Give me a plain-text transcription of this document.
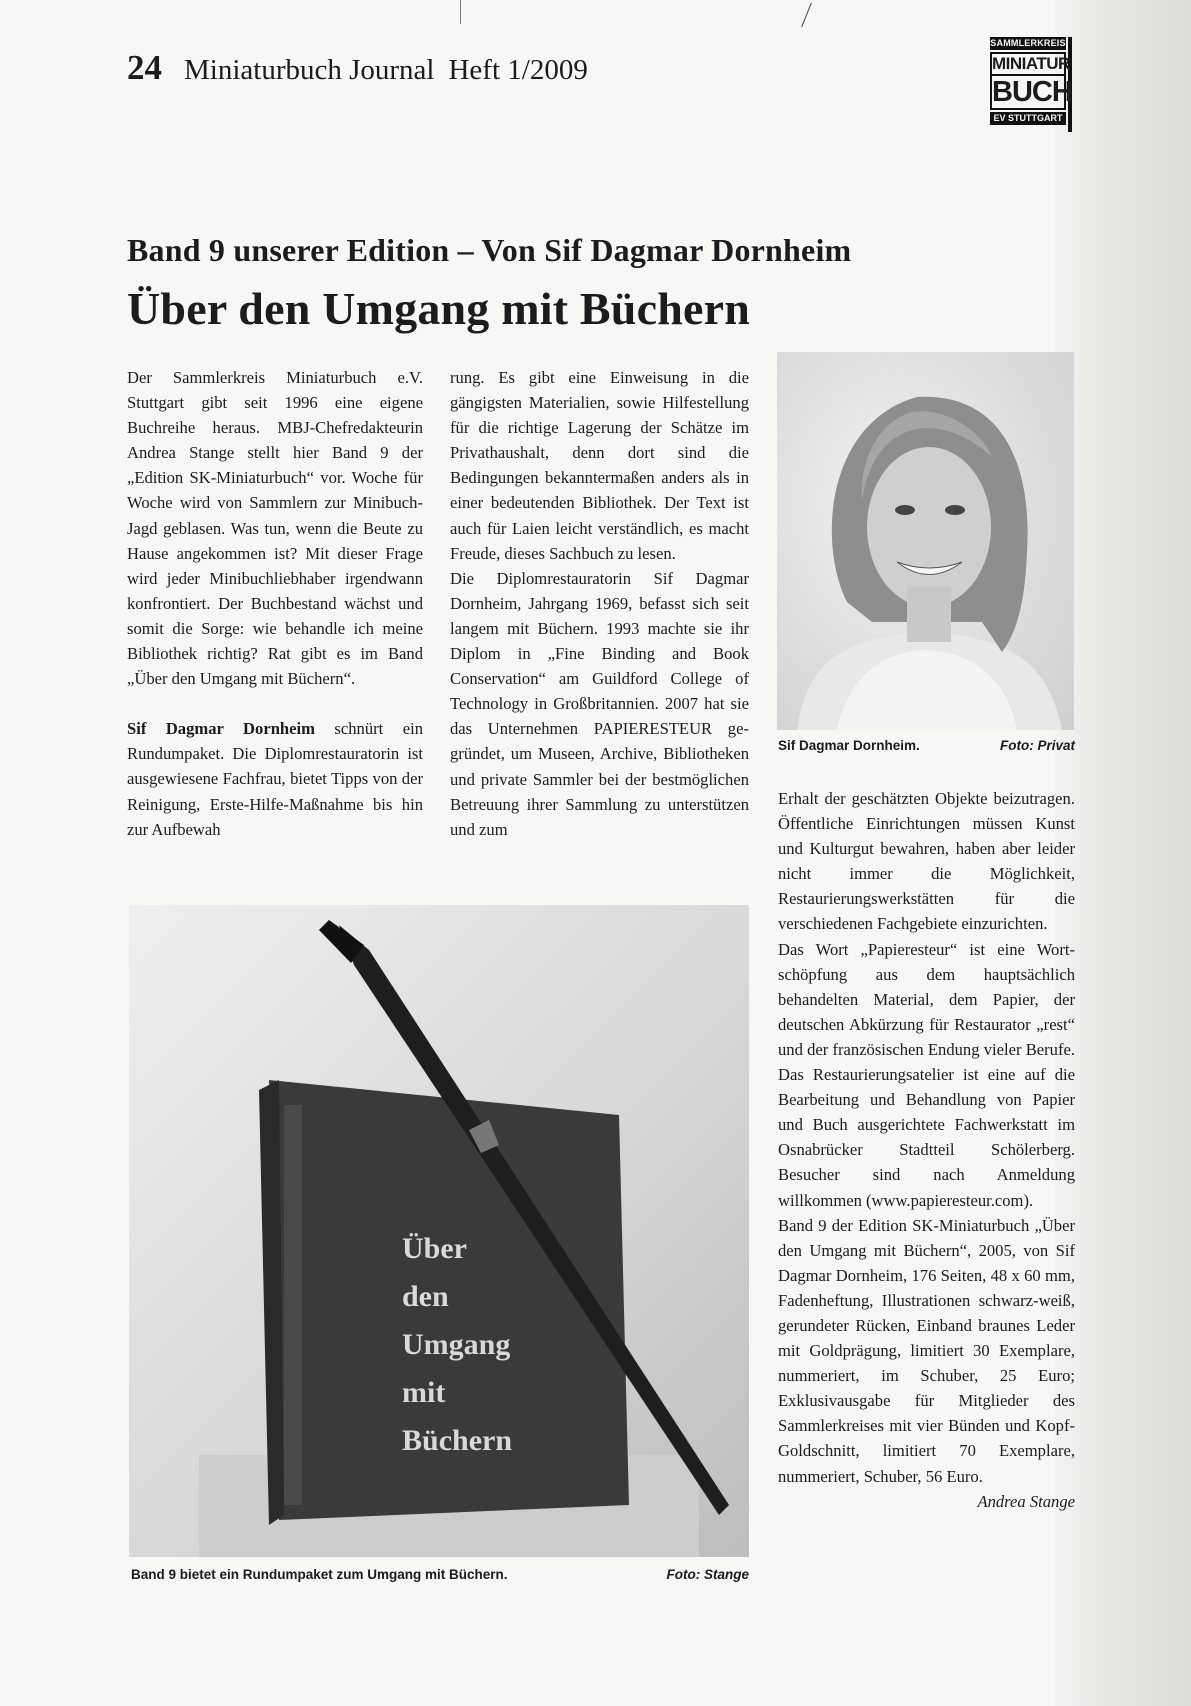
24 Miniaturbuch Journal Heft 1/2009
SAMMLERKREIS
MINIATUR
BUCH
EV STUTTGART
Band 9 unserer Edition – Von Sif Dagmar Dornheim
Über den Umgang mit Büchern

Der Sammlerkreis Miniaturbuch e.V. Stuttgart gibt seit 1996 eine eigene Buchreihe heraus. MBJ-Chefredakteurin Andrea Stange stellt hier Band 9 der „Edition SK-Miniaturbuch“ vor. Woche für Woche wird von Sammlern zur Minibuch-Jagd geblasen. Was tun, wenn die Beute zu Hause angekommen ist? Mit dieser Frage wird jeder Minibuchliebhaber irgendwann konfrontiert. Der Buchbestand wächst und somit die Sorge: wie behandle ich meine Bibliothek richtig? Rat gibt es im Band „Über den Umgang mit Büchern“.

Sif Dagmar Dornheim schnürt ein Rundumpaket. Die Diplomrestauratorin ist ausgewiesene Fachfrau, bietet Tipps von der Reinigung, Erste-Hilfe-Maßnahme bis hin zur Aufbewah

rung. Es gibt eine Einweisung in die gängigsten Materialien, sowie Hilfestellung für die richtige Lagerung der Schätze im Privathaushalt, denn dort sind die Bedingungen bekanntermaßen anders als in einer bedeutenden Bibliothek. Der Text ist auch für Laien leicht verständlich, es macht Freude, dieses Sachbuch zu lesen.

Die Diplomrestauratorin Sif Dagmar Dornheim, Jahrgang 1969, befasst sich seit langem mit Büchern. 1993 machte sie ihr Diplom in „Fine Binding and Book Conservation“ am Guildford College of Technology in Großbritannien. 2007 hat sie das Unternehmen PAPIERESTEUR gegründet, um Museen, Archive, Bibliotheken und private Sammler bei der bestmöglichen Betreuung ihrer Sammlung zu unterstützen und zum

Sif Dagmar Dornheim.	Foto: Privat
Über
den
Umgang
mit
Büchern
Band 9 bietet ein Rundumpaket zum Umgang mit Büchern.	Foto: Stange

Erhalt der geschätzten Objekte beizutragen. Öffentliche Einrichtungen müssen Kunst und Kulturgut bewahren, haben aber leider nicht immer die Möglichkeit, Restaurierungswerkstätten für die verschiedenen Fachgebiete einzurichten.

Das Wort „Papieresteur“ ist eine Wortschöpfung aus dem hauptsächlich behandelten Material, dem Papier, der deutschen Abkürzung für Restaurator „rest“ und der französischen Endung vieler Berufe. Das Restaurierungsatelier ist eine auf die Bearbeitung und Behandlung von Papier und Buch ausgerichtete Fachwerkstatt im Osnabrücker Stadtteil Schölerberg. Besucher sind nach Anmeldung willkommen (www.papieresteur.com).

Band 9 der Edition SK-Miniaturbuch „Über den Umgang mit Büchern“, 2005, von Sif Dagmar Dornheim, 176 Seiten, 48 x 60 mm, Fadenheftung, Illustrationen schwarz-weiß, gerundeter Rücken, Einband braunes Leder mit Goldprägung, limitiert 30 Exemplare, nummeriert, im Schuber, 25 Euro; Exklusivausgabe für Mitglieder des Sammlerkreises mit vier Bünden und Kopf-Goldschnitt, limitiert 70 Exemplare, nummeriert, Schuber, 56 Euro.

Andrea Stange
